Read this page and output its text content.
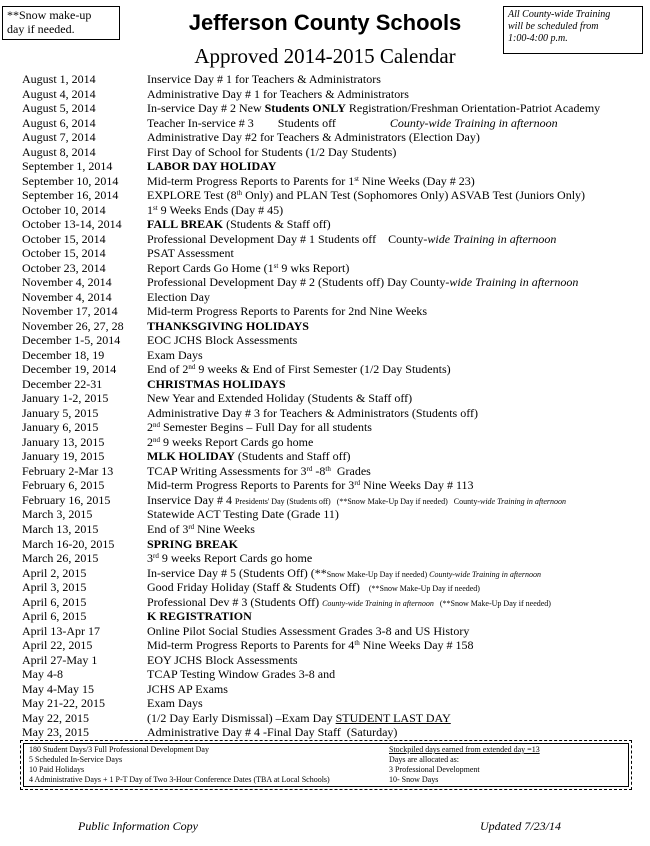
**Snow make-up
day if needed.	Jefferson County Schools
Approved 2014-2015 Calendar
All County-wide Training
will be scheduled from
1:00-4:00 p.m.
August 1, 2014	Inservice Day # 1 for Teachers & Administrators
August 4, 2014	Administrative Day # 1 for Teachers & Administrators
August 5, 2014	In-service Day # 2 New Students ONLY Registration/Freshman Orientation-Patriot Academy
August 6, 2014	Teacher In-service # 3        Students off                  County-wide Training in afternoon
August 7, 2014	Administrative Day #2 for Teachers & Administrators (Election Day)
August 8, 2014	First Day of School for Students (1/2 Day Students)
September 1, 2014	LABOR DAY HOLIDAY
September 10, 2014	Mid-term Progress Reports to Parents for 1st Nine Weeks (Day # 23)
September 16, 2014	EXPLORE Test (8th Only) and PLAN Test (Sophomores Only) ASVAB Test (Juniors Only)
October 10, 2014	1st 9 Weeks Ends (Day # 45)
October 13-14, 2014	FALL BREAK (Students & Staff off)
October 15, 2014	Professional Development Day # 1 Students off    County-wide Training in afternoon
October 15, 2014	PSAT Assessment
October 23, 2014	Report Cards Go Home (1st 9 wks Report)
November 4, 2014	Professional Development Day # 2 (Students off) Day County-wide Training in afternoon
November 4, 2014	Election Day
November 17, 2014	Mid-term Progress Reports to Parents for 2nd Nine Weeks
November 26, 27, 28	THANKSGIVING HOLIDAYS
December 1-5, 2014	EOC JCHS Block Assessments
December 18, 19	Exam Days
December 19, 2014	End of 2nd 9 weeks & End of First Semester (1/2 Day Students)
December 22-31	CHRISTMAS HOLIDAYS
January 1-2, 2015	New Year and Extended Holiday (Students & Staff off)
January 5, 2015	Administrative Day # 3 for Teachers & Administrators (Students off)
January 6, 2015	2nd Semester Begins – Full Day for all students
January 13, 2015	2nd 9 weeks Report Cards go home
January 19, 2015	MLK HOLIDAY (Students and Staff off)
February 2-Mar 13	TCAP Writing Assessments for 3rd -8th  Grades
February 6, 2015	Mid-term Progress Reports to Parents for 3rd Nine Weeks Day # 113
February 16, 2015	Inservice Day # 4 Presidents' Day (Students off)   (**Snow Make-Up Day if needed)   County-wide Training in afternoon
March 3, 2015	Statewide ACT Testing Date (Grade 11)
March 13, 2015	End of 3rd Nine Weeks
March 16-20, 2015	SPRING BREAK
March 26, 2015	3rd 9 weeks Report Cards go home
April 2, 2015	In-service Day # 5 (Students Off) (**Snow Make-Up Day if needed) County-wide Training in afternoon
April 3, 2015	Good Friday Holiday (Staff & Students Off)   (**Snow Make-Up Day if needed)
April 6, 2015	Professional Dev # 3 (Students Off) County-wide Training in afternoon   (**Snow Make-Up Day if needed)
April 6, 2015	K REGISTRATION
April 13-Apr 17	Online Pilot Social Studies Assessment Grades 3-8 and US History
April 22, 2015	Mid-term Progress Reports to Parents for 4th Nine Weeks Day # 158
April 27-May 1	EOY JCHS Block Assessments
May 4-8	TCAP Testing Window Grades 3-8 and
May 4-May 15	JCHS AP Exams
May 21-22, 2015	Exam Days
May 22, 2015	(1/2 Day Early Dismissal) –Exam Day STUDENT LAST DAY
May 23, 2015	Administrative Day # 4 -Final Day Staff  (Saturday)
180 Student Days/3 Full Professional Development Day
5 Scheduled In-Service Days
10 Paid Holidays
4 Administrative Days + 1 P-T Day of Two 3-Hour Conference Dates (TBA at Local Schools)
Stockpiled days earned from extended day =13
Days are allocated as:
3 Professional Development
10- Snow Days
Public Information Copy	Updated 7/23/14
